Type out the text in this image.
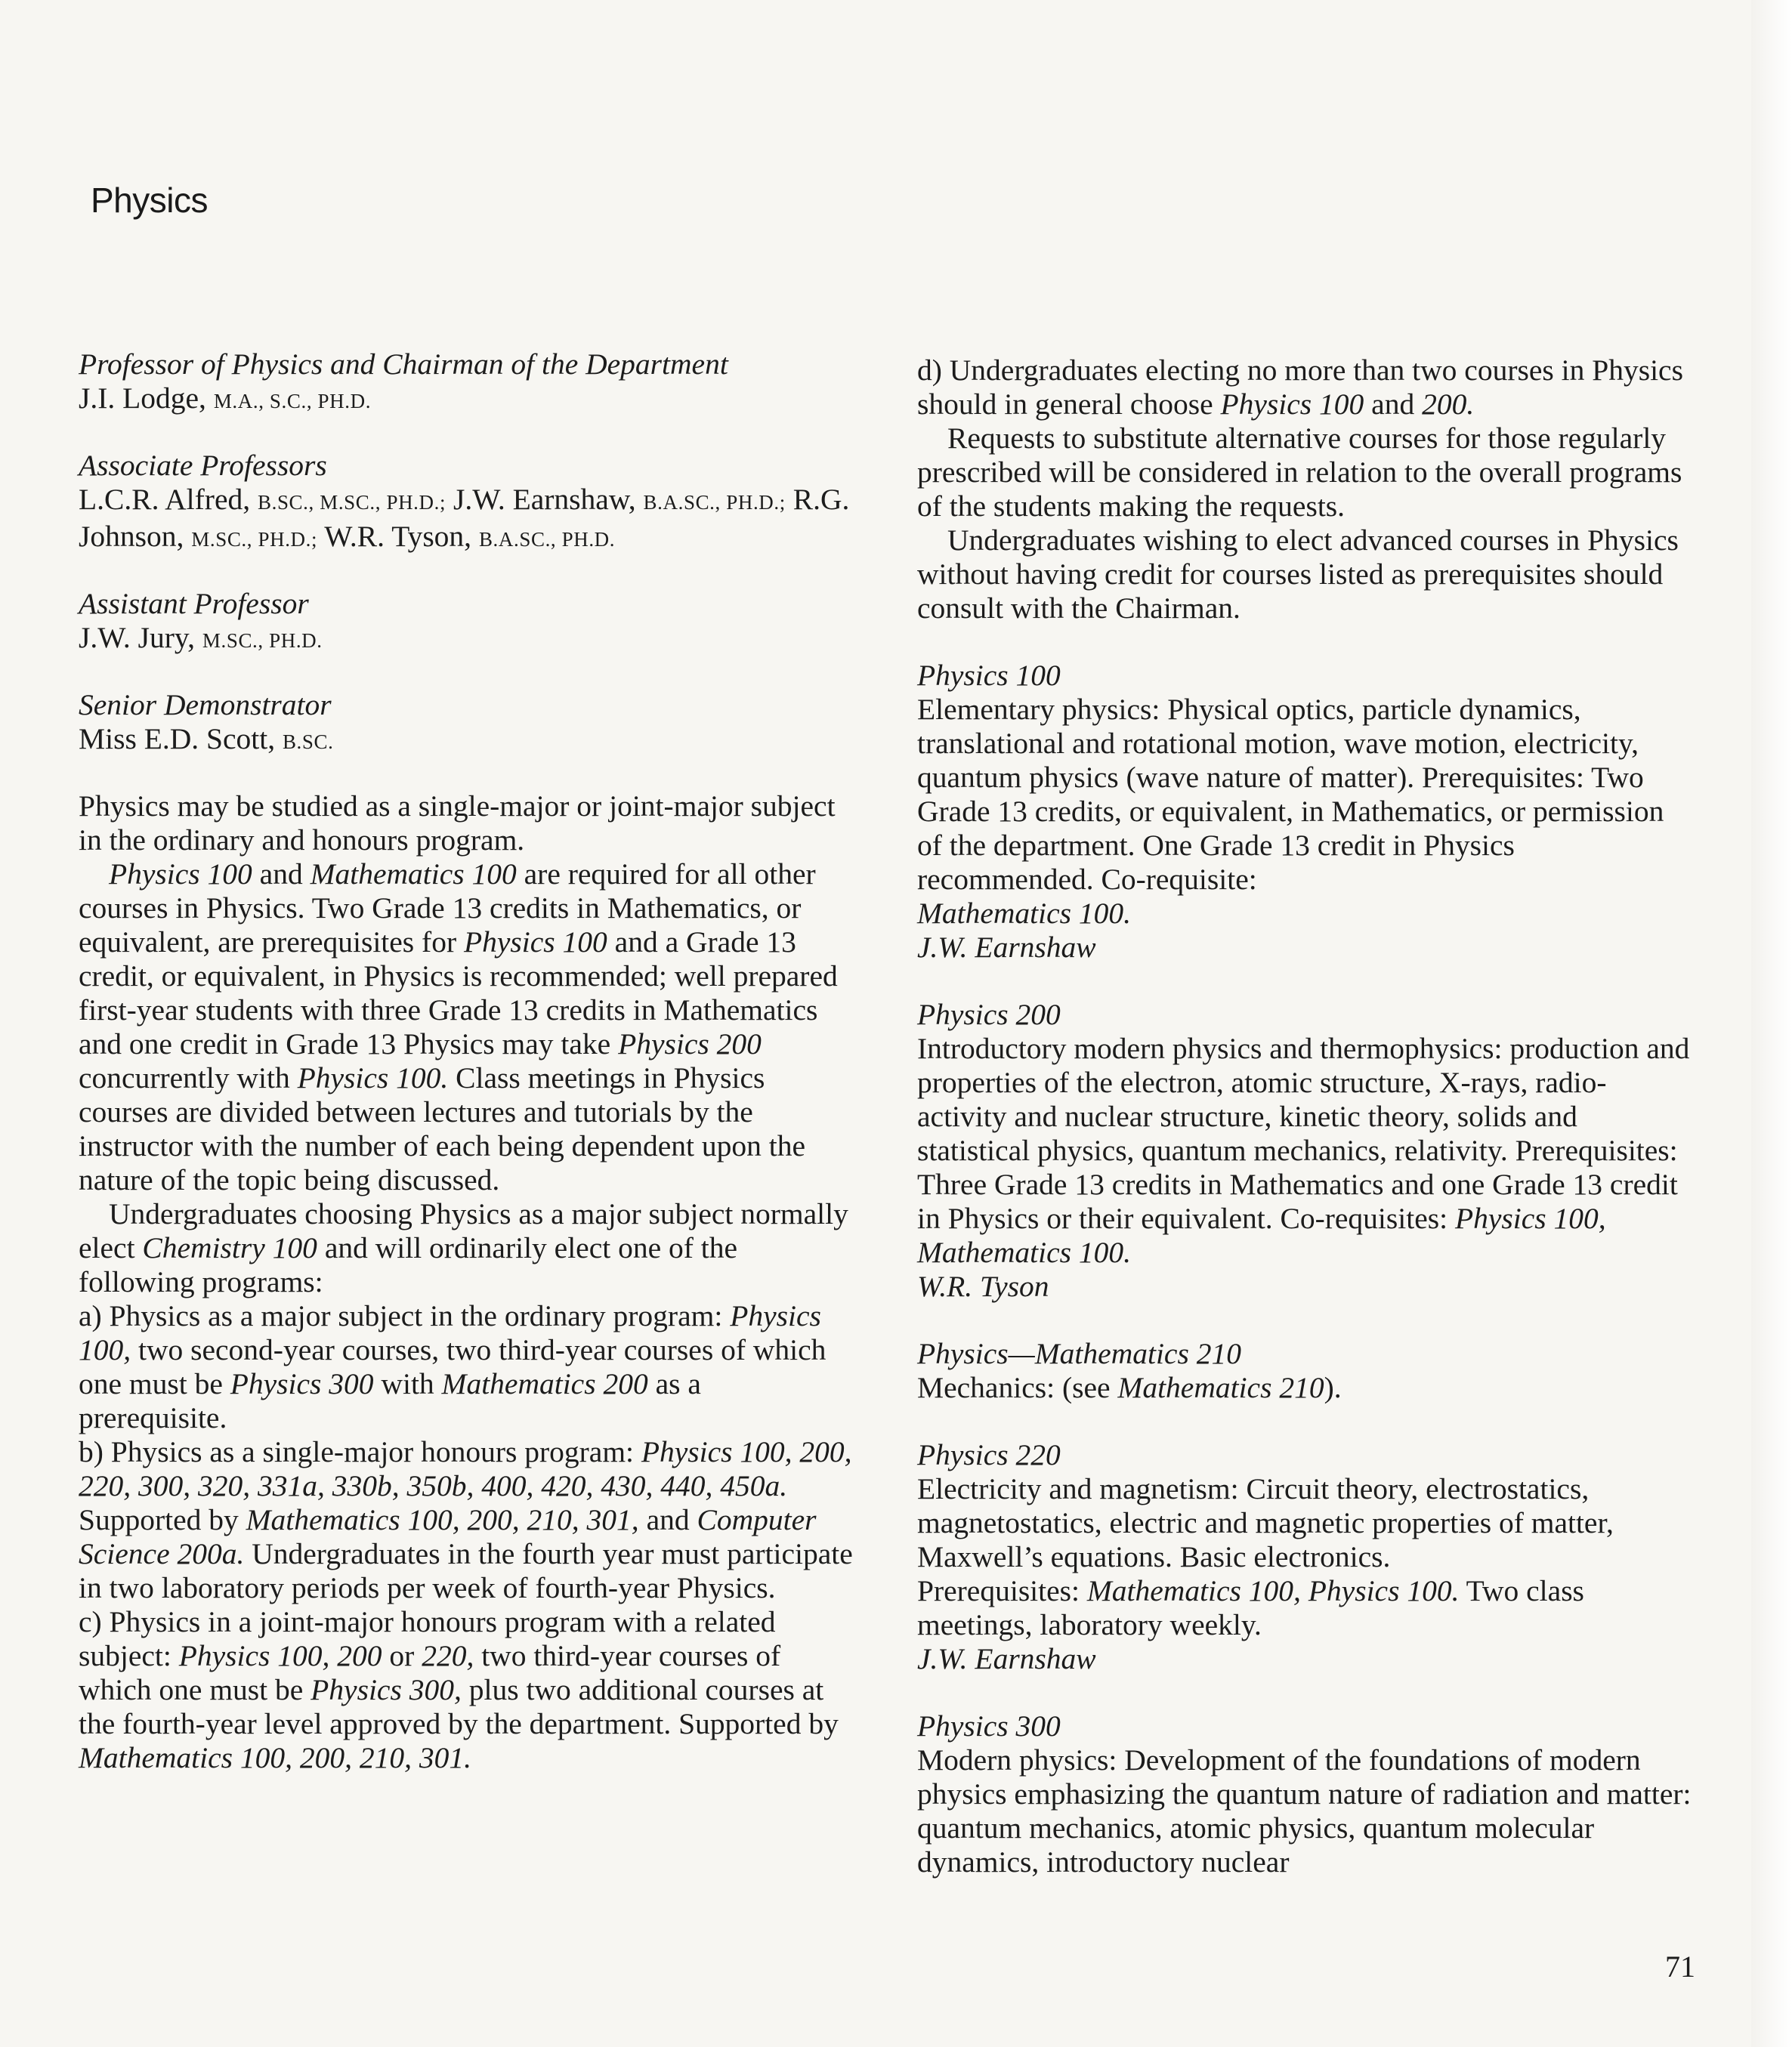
Physics

Professor of Physics and Chairman of the Department

J.I. Lodge, M.A., S.C., PH.D.

Associate Professors

L.C.R. Alfred, B.SC., M.SC., PH.D.; J.W. Earnshaw, B.A.SC., PH.D.; R.G. Johnson, M.SC., PH.D.; W.R. Tyson, B.A.SC., PH.D.

Assistant Professor

J.W. Jury, M.SC., PH.D.

Senior Demonstrator

Miss E.D. Scott, B.SC.

Physics may be studied as a single-major or joint-major subject in the ordinary and honours program.

Physics 100 and Mathematics 100 are required for all other courses in Physics. Two Grade 13 credits in Mathematics, or equivalent, are prerequisites for Physics 100 and a Grade 13 credit, or equivalent, in Physics is recommended; well prepared first-year students with three Grade 13 credits in Mathematics and one credit in Grade 13 Physics may take Physics 200 concurrently with Physics 100. Class meetings in Physics courses are divided between lectures and tutorials by the instructor with the number of each being dependent upon the nature of the topic being discussed.

Undergraduates choosing Physics as a major subject normally elect Chemistry 100 and will ordinarily elect one of the following programs:

a) Physics as a major subject in the ordinary program: Physics 100, two second-year courses, two third-year courses of which one must be Physics 300 with Mathematics 200 as a prerequisite.

b) Physics as a single-major honours program: Physics 100, 200, 220, 300, 320, 331a, 330b, 350b, 400, 420, 430, 440, 450a. Supported by Mathematics 100, 200, 210, 301, and Computer Science 200a. Undergraduates in the fourth year must participate in two laboratory periods per week of fourth-year Physics.

c) Physics in a joint-major honours program with a related subject: Physics 100, 200 or 220, two third-year courses of which one must be Physics 300, plus two additional courses at the fourth-year level approved by the department. Supported by Mathematics 100, 200, 210, 301.

d) Undergraduates electing no more than two courses in Physics should in general choose Physics 100 and 200.

Requests to substitute alternative courses for those regularly prescribed will be considered in relation to the overall programs of the students making the requests.

Undergraduates wishing to elect advanced courses in Physics without having credit for courses listed as prerequisites should consult with the Chairman.

Physics 100

Elementary physics: Physical optics, particle dynamics, translational and rotational motion, wave motion, electricity, quantum physics (wave nature of matter). Prerequisites: Two Grade 13 credits, or equivalent, in Mathematics, or permission of the department. One Grade 13 credit in Physics recommended. Co-requisite:

Mathematics 100.

J.W. Earnshaw

Physics 200

Introductory modern physics and thermophysics: production and properties of the electron, atomic structure, X-rays, radio-activity and nuclear structure, kinetic theory, solids and statistical physics, quantum mechanics, relativity. Prerequisites: Three Grade 13 credits in Mathematics and one Grade 13 credit in Physics or their equivalent. Co-requisites: Physics 100, Mathematics 100.

W.R. Tyson

Physics—Mathematics 210

Mechanics: (see Mathematics 210).

Physics 220

Electricity and magnetism: Circuit theory, electrostatics, magnetostatics, electric and magnetic properties of matter, Maxwell’s equations. Basic electronics.

Prerequisites: Mathematics 100, Physics 100. Two class meetings, laboratory weekly.

J.W. Earnshaw

Physics 300

Modern physics: Development of the foundations of modern physics emphasizing the quantum nature of radiation and matter: quantum mechanics, atomic physics, quantum molecular dynamics, introductory nuclear

71
